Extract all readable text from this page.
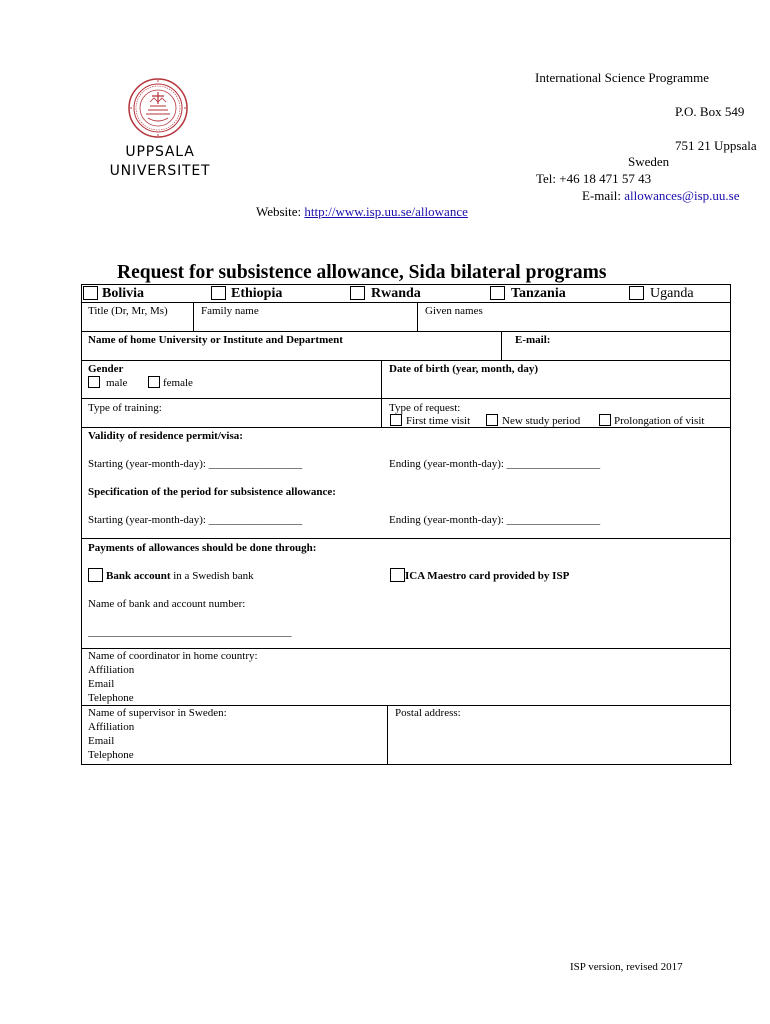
UPPSALA
UNIVERSITET
International Science Programme
P.O. Box 549
751 21 Uppsala
Sweden
Tel: +46 18 471 57 43
E-mail: allowances@isp.uu.se
Website: http://www.isp.uu.se/allowance
Request for subsistence allowance, Sida bilateral programs
Bolivia	Ethiopia	Rwanda	Tanzania	Uganda
Title (Dr, Mr, Ms)	Family name	Given names
Name of home University or Institute and Department	E-mail:
Gender
male	female
Date of birth (year, month, day)
Type of training:	Type of request:
First time visit	New study period	Prolongation of visit
Validity of residence permit/visa:
Starting (year-month-day): _________________	Ending (year-month-day): _________________
Specification of the period for subsistence allowance:
Starting (year-month-day): _________________	Ending (year-month-day): _________________
Payments of allowances should be done through:
Bank account in a Swedish bank	ICA Maestro card provided by ISP
Name of bank and account number:
_____________________________________
Name of coordinator in home country:
Affiliation
Email
Telephone
Name of supervisor in Sweden:
Affiliation
Email
Telephone
Postal address:
ISP version, revised 2017
